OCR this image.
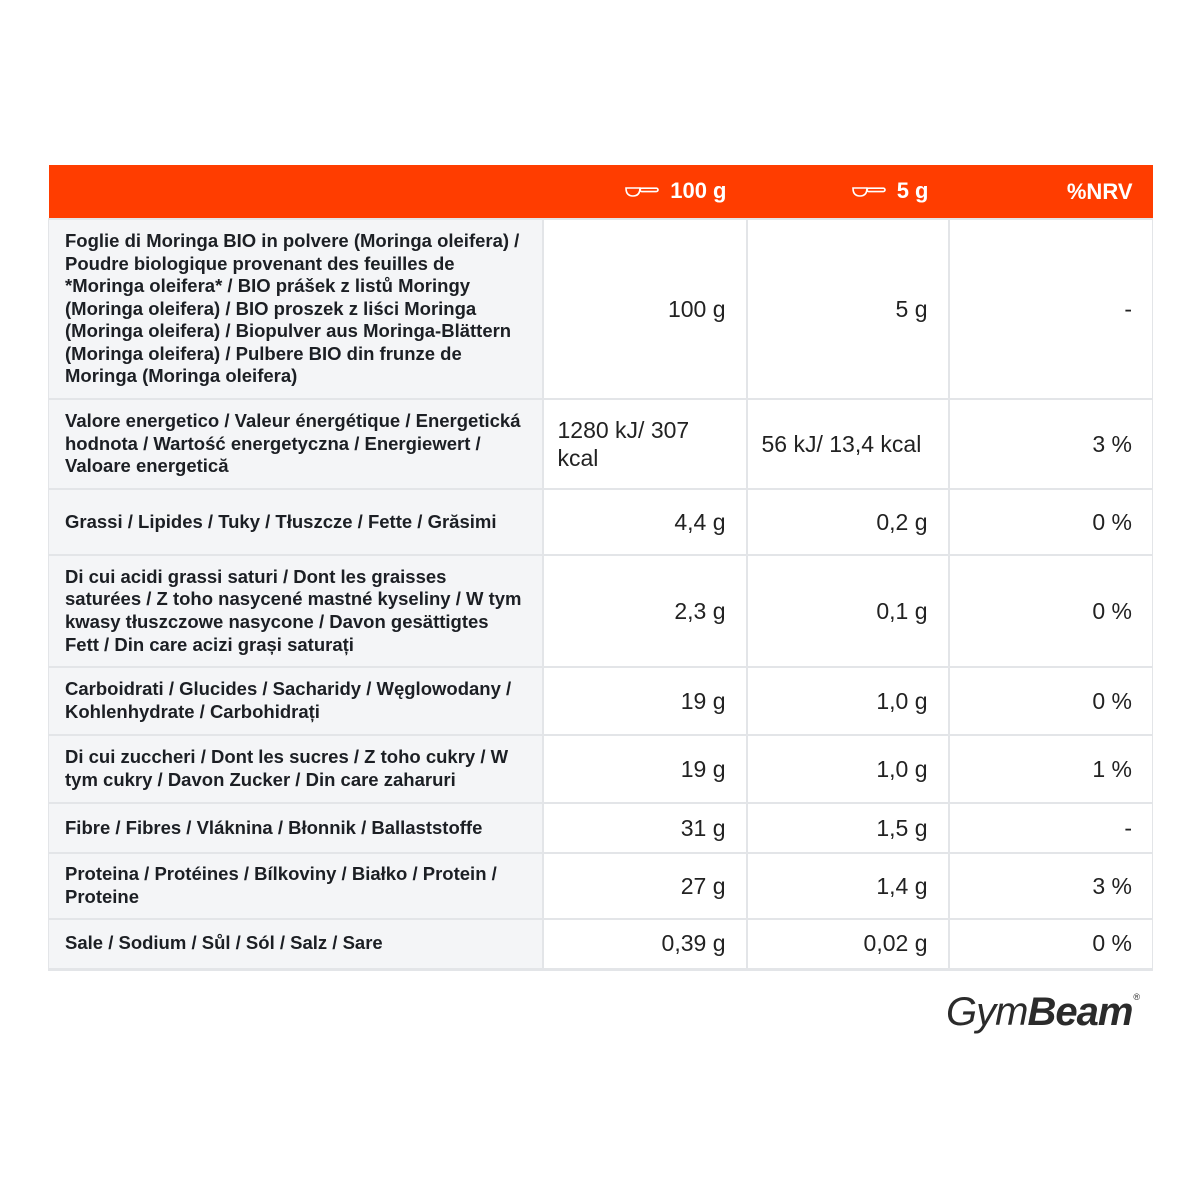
	100 g	5 g	%NRV
Foglie di Moringa BIO in polvere (Moringa oleifera) / Poudre biologique provenant des feuilles de *Moringa oleifera* / BIO prášek z listů Moringy (Moringa oleifera) / BIO proszek z liści Moringa (Moringa oleifera) / Biopulver aus Moringa-Blättern (Moringa oleifera) / Pulbere BIO din frunze de Moringa (Moringa oleifera)	100 g	5 g	-
Valore energetico / Valeur énergétique / Energetická hodnota / Wartość energetyczna / Energiewert / Valoare energetică	1280 kJ/ 307 kcal	56 kJ/ 13,4 kcal	3 %
Grassi / Lipides / Tuky / Tłuszcze / Fette / Grăsimi	4,4 g	0,2 g	0 %
Di cui acidi grassi saturi / Dont les graisses saturées / Z toho nasycené mastné kyseliny / W tym kwasy tłuszczowe nasycone / Davon gesättigtes Fett / Din care acizi grași saturați	2,3 g	0,1 g	0 %
Carboidrati / Glucides / Sacharidy / Węglowodany / Kohlenhydrate / Carbohidrați	19 g	1,0 g	0 %
Di cui zuccheri / Dont les sucres / Z toho cukry / W tym cukry / Davon Zucker / Din care zaharuri	19 g	1,0 g	1 %
Fibre / Fibres / Vláknina / Błonnik / Ballaststoffe	31 g	1,5 g	-
Proteina / Protéines / Bílkoviny / Białko / Protein / Proteine	27 g	1,4 g	3 %
Sale / Sodium / Sůl / Sól / Salz / Sare	0,39 g	0,02 g	0 %
GymBeam®
